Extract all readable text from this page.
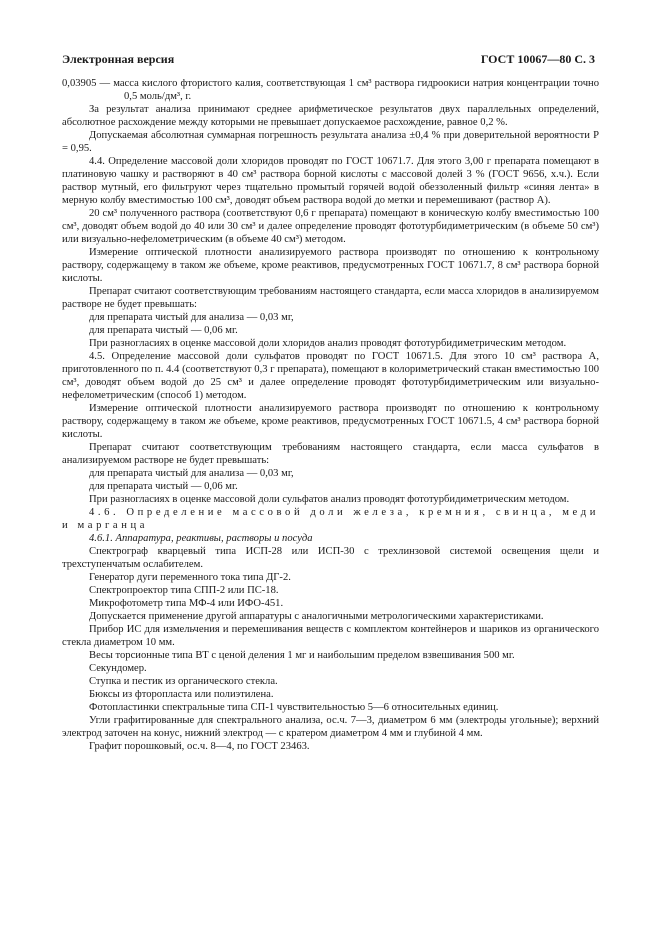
Электронная версия	ГОСТ 10067—80 С. 3

0,03905 — масса кислого фтористого калия, соответствующая 1 см³ раствора гидроокиси натрия концентрации точно 0,5 моль/дм³, г.

За результат анализа принимают среднее арифметическое результатов двух параллельных определений, абсолютное расхождение между которыми не превышает допускаемое расхождение, равное 0,2 %.

Допускаемая абсолютная суммарная погрешность результата анализа ±0,4 % при доверительной вероятности P = 0,95.

4.4. Определение массовой доли хлоридов проводят по ГОСТ 10671.7. Для этого 3,00 г препарата помещают в платиновую чашку и растворяют в 40 см³ раствора борной кислоты с массовой долей 3 % (ГОСТ 9656, х.ч.). Если раствор мутный, его фильтруют через тщательно промытый горячей водой обеззоленный фильтр «синяя лента» в мерную колбу вместимостью 100 см³, доводят объем раствора водой до метки и перемешивают (раствор А).

20 см³ полученного раствора (соответствуют 0,6 г препарата) помещают в коническую колбу вместимостью 100 см³, доводят объем водой до 40 или 30 см³ и далее определение проводят фототурбидиметрическим (в объеме 50 см³) или визуально-нефелометрическим (в объеме 40 см³) методом.

Измерение оптической плотности анализируемого раствора производят по отношению к контрольному раствору, содержащему в таком же объеме, кроме реактивов, предусмотренных ГОСТ 10671.7, 8 см³ раствора борной кислоты.

Препарат считают соответствующим требованиям настоящего стандарта, если масса хлоридов в анализируемом растворе не будет превышать:

для препарата чистый для анализа — 0,03 мг,

для препарата чистый — 0,06 мг.

При разногласиях в оценке массовой доли хлоридов анализ проводят фототурбидиметрическим методом.

4.5. Определение массовой доли сульфатов проводят по ГОСТ 10671.5. Для этого 10 см³ раствора А, приготовленного по п. 4.4 (соответствуют 0,3 г препарата), помещают в колориметрический стакан вместимостью 100 см³, доводят объем водой до 25 см³ и далее определение проводят фототурбидиметрическим или визуально-нефелометрическим (способ 1) методом.

Измерение оптической плотности анализируемого раствора производят по отношению к контрольному раствору, содержащему в таком же объеме, кроме реактивов, предусмотренных ГОСТ 10671.5, 4 см³ раствора борной кислоты.

Препарат считают соответствующим требованиям настоящего стандарта, если масса сульфатов в анализируемом растворе не будет превышать:

для препарата чистый для анализа — 0,03 мг,

для препарата чистый — 0,06 мг.

При разногласиях в оценке массовой доли сульфатов анализ проводят фототурбидиметрическим методом.

4.6. Определение массовой доли железа, кремния, свинца, меди и марганца

4.6.1. Аппаратура, реактивы, растворы и посуда

Спектрограф кварцевый типа ИСП-28 или ИСП-30 с трехлинзовой системой освещения щели и трехступенчатым ослабителем.

Генератор дуги переменного тока типа ДГ-2.

Спектропроектор типа СПП-2 или ПС-18.

Микрофотометр типа МФ-4 или ИФО-451.

Допускается применение другой аппаратуры с аналогичными метрологическими характеристиками.

Прибор ИС для измельчения и перемешивания веществ с комплектом контейнеров и шариков из органического стекла диаметром 10 мм.

Весы торсионные типа ВТ с ценой деления 1 мг и наибольшим пределом взвешивания 500 мг.

Секундомер.

Ступка и пестик из органического стекла.

Бюксы из фторопласта или полиэтилена.

Фотопластинки спектральные типа СП-1 чувствительностью 5—6 относительных единиц.

Угли графитированные для спектрального анализа, ос.ч. 7—3, диаметром 6 мм (электроды угольные); верхний электрод заточен на конус, нижний электрод — с кратером диаметром 4 мм и глубиной 4 мм.

Графит порошковый, ос.ч. 8—4, по ГОСТ 23463.
